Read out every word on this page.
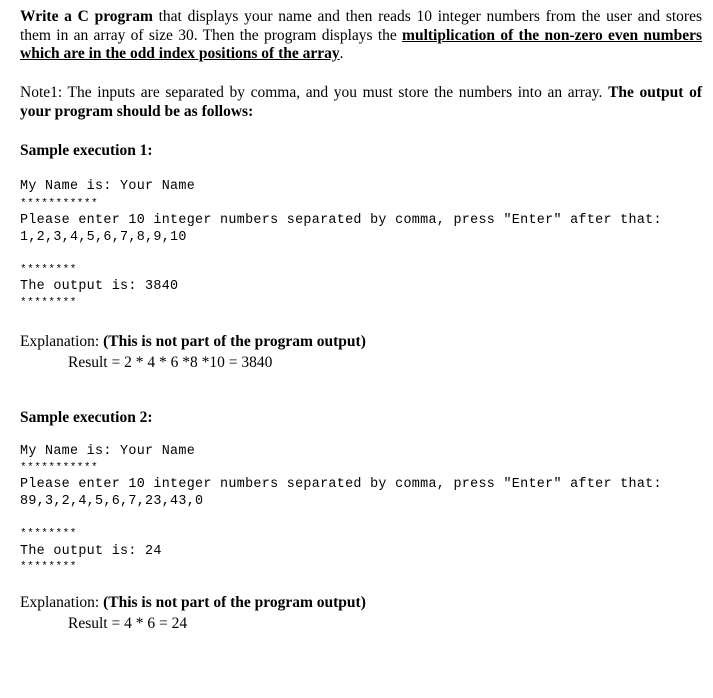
Write a C program that displays your name and then reads 10 integer numbers from the user and stores them in an array of size 30. Then the program displays the multiplication of the non-zero even numbers which are in the odd index positions of the array.
Note1: The inputs are separated by comma, and you must store the numbers into an array. The output of your program should be as follows:
Sample execution 1:
My Name is: Your Name
***********
Please enter 10 integer numbers separated by comma, press "Enter" after that:
1,2,3,4,5,6,7,8,9,10
********
The output is: 3840
********
Explanation: (This is not part of the program output)
Result = 2 * 4 * 6 *8 *10 = 3840
Sample execution 2:
My Name is: Your Name
***********
Please enter 10 integer numbers separated by comma, press "Enter" after that:
89,3,2,4,5,6,7,23,43,0
********
The output is: 24
********
Explanation: (This is not part of the program output)
Result = 4 * 6 = 24
